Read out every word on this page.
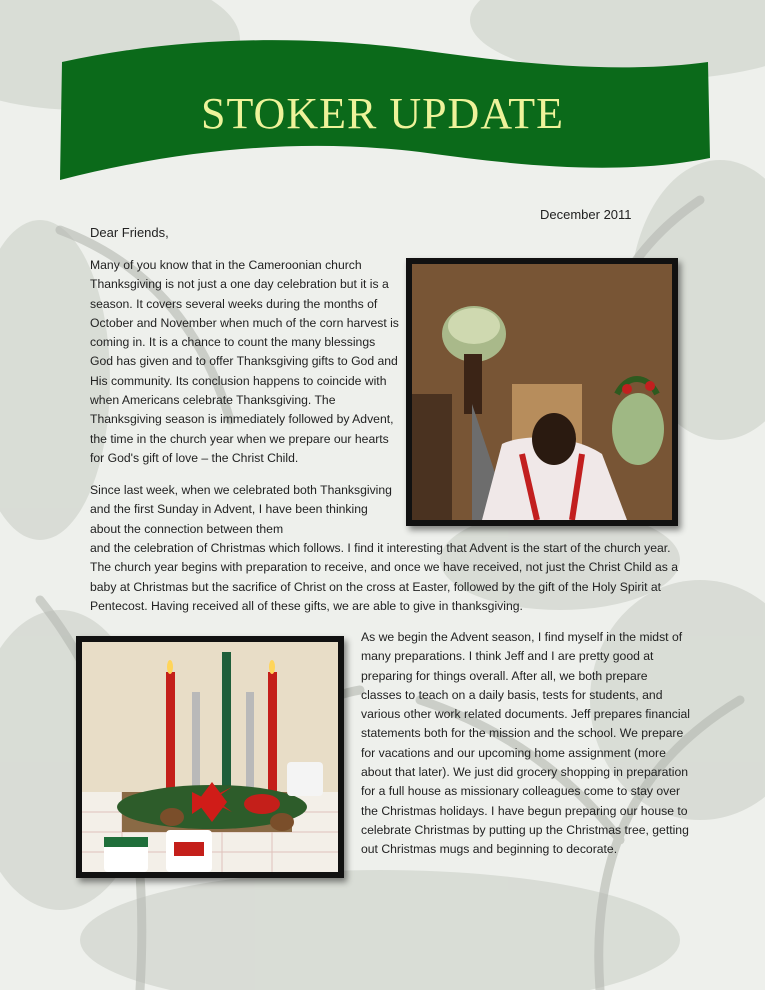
STOKER UPDATE
December 2011
Dear Friends,
Many of you know that in the Cameroonian church Thanksgiving is not just a one day celebration but it is a season. It covers several weeks during the months of October and November when much of the corn harvest is coming in. It is a chance to count the many blessings God has given and to offer Thanksgiving gifts to God and His community. Its conclusion happens to coincide with when Americans celebrate Thanksgiving. The Thanksgiving season is immediately followed by Advent, the time in the church year when we prepare our hearts for God's gift of love – the Christ Child.
Since last week, when we celebrated both Thanksgiving and the first Sunday in Advent, I have been thinking about the connection between them
and the celebration of Christmas which follows. I find it interesting that Advent is the start of the church year. The church year begins with preparation to receive, and once we have received, not just the Christ Child as a baby at Christmas but the sacrifice of Christ on the cross at Easter, followed by the gift of the Holy Spirit at Pentecost. Having received all of these gifts, we are able to give in thanksgiving.
As we begin the Advent season, I find myself in the midst of many preparations. I think Jeff and I are pretty good at preparing for things overall. After all, we both prepare classes to teach on a daily basis, tests for students, and various other work related documents. Jeff prepares financial statements both for the mission and the school. We prepare for vacations and our upcoming home assignment (more about that later). We just did grocery shopping in preparation for a full house as missionary colleagues come to stay over the Christmas holidays. I have begun preparing our house to celebrate Christmas by putting up the Christmas tree, getting out Christmas mugs and beginning to decorate.
